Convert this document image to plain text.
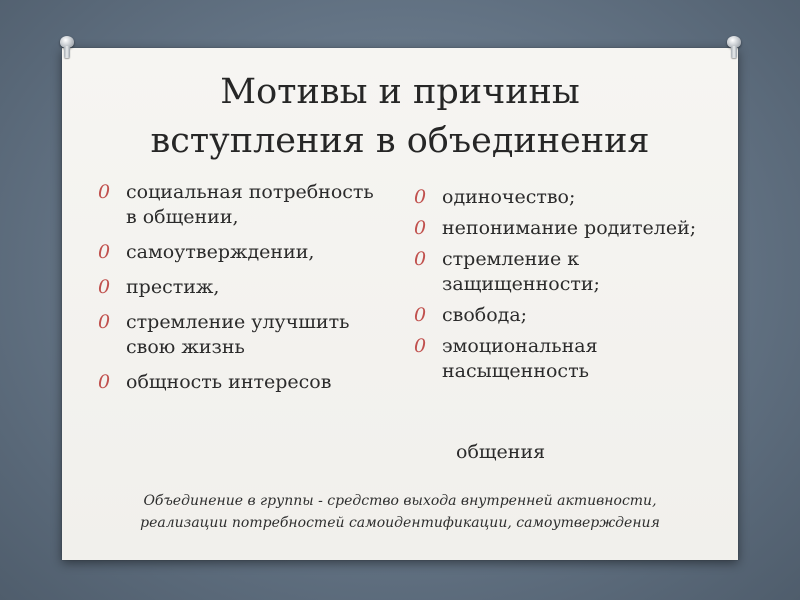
Мотивы и причины
вступления в объединения
0 социальная потребность в общении,
0 самоутверждении,
0 престиж,
0 стремление улучшить свою жизнь
0 общность интересов
0 одиночество;
0 непонимание родителей;
0 стремление к защищенности;
0 свобода;
0 эмоциональная насыщенность

общения

Объединение в группы - средство выхода внутренней активности,
реализации потребностей самоидентификации, самоутверждения
